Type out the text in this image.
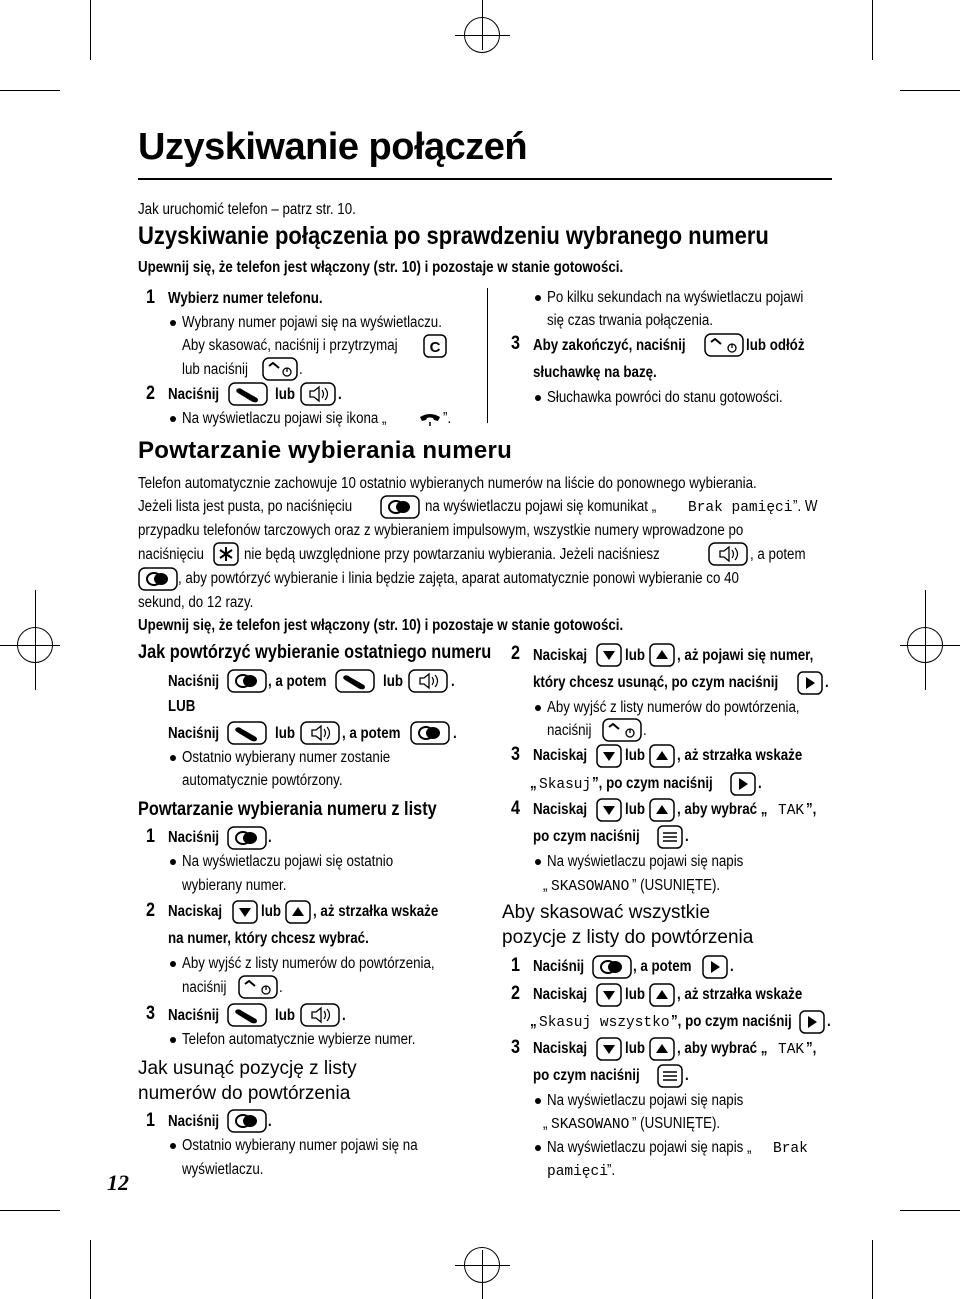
Uzyskiwanie połączeń
Jak uruchomić telefon – patrz str. 10.
Uzyskiwanie połączenia po sprawdzeniu wybranego numeru
Upewnij się, że telefon jest włączony (str. 10) i pozostaje w stanie gotowości.
1 Wybierz numer telefonu.
Wybrany numer pojawi się na wyświetlaczu.
Aby skasować, naciśnij i przytrzymaj C
lub naciśnij	.
2 Naciśnij	lub	.
Na wyświetlaczu pojawi się ikona „	”.
Po kilku sekundach na wyświetlaczu pojawi
się czas trwania połączenia.
3 Aby zakończyć, naciśnij	lub odłóż
słuchawkę na bazę.
Słuchawka powróci do stanu gotowości.
Powtarzanie wybierania numeru
Telefon automatycznie zachowuje 10 ostatnio wybieranych numerów na liście do ponownego wybierania.
Jeżeli lista jest pusta, po naciśnięciu	na wyświetlaczu pojawi się komunikat „ Brak pamięci ”. W
przypadku telefonów tarczowych oraz z wybieraniem impulsowym, wszystkie numery wprowadzone po
naciśnięciu	nie będą uwzględnione przy powtarzaniu wybierania. Jeżeli naciśniesz	, a potem
, aby powtórzyć wybieranie i linia będzie zajęta, aparat automatycznie ponowi wybieranie co 40
sekund, do 12 razy.
Upewnij się, że telefon jest włączony (str. 10) i pozostaje w stanie gotowości.
Jak powtórzyć wybieranie ostatniego numeru
Naciśnij	, a potem	lub	.
LUB
Naciśnij	lub	, a potem	.
Ostatnio wybierany numer zostanie
automatycznie powtórzony.
Powtarzanie wybierania numeru z listy
1 Naciśnij	.
Na wyświetlaczu pojawi się ostatnio
wybierany numer.
2 Naciskaj	lub , aż strzałka wskaże
na numer, który chcesz wybrać.
Aby wyjść z listy numerów do powtórzenia,
naciśnij	.
3 Naciśnij	lub	.
Telefon automatycznie wybierze numer.
Jak usunąć pozycję z listy
numerów do powtórzenia
1 Naciśnij	.
Ostatnio wybierany numer pojawi się na
wyświetlaczu.
12
2 Naciskaj lub , aż pojawi się numer,
który chcesz usunąć, po czym naciśnij	.
Aby wyjść z listy numerów do powtórzenia,
naciśnij	.
3 Naciskaj lub , aż strzałka wskaże
„ Skasuj ”, po czym naciśnij	.
4 Naciskaj lub , aby wybrać „ TAK ”,
po czym naciśnij	.
Na wyświetlaczu pojawi się napis
„ SKASOWANO ” (USUNIĘTE).
Aby skasować wszystkie
pozycje z listy do powtórzenia
1 Naciśnij	, a potem .
2 Naciskaj lub , aż strzałka wskaże
„ Skasuj wszystko ”, po czym naciśnij .
3 Naciskaj lub , aby wybrać „ TAK ”,
po czym naciśnij	.
Na wyświetlaczu pojawi się napis
„ SKASOWANO ” (USUNIĘTE).
Na wyświetlaczu pojawi się napis „ Brak
pamięci ”.
